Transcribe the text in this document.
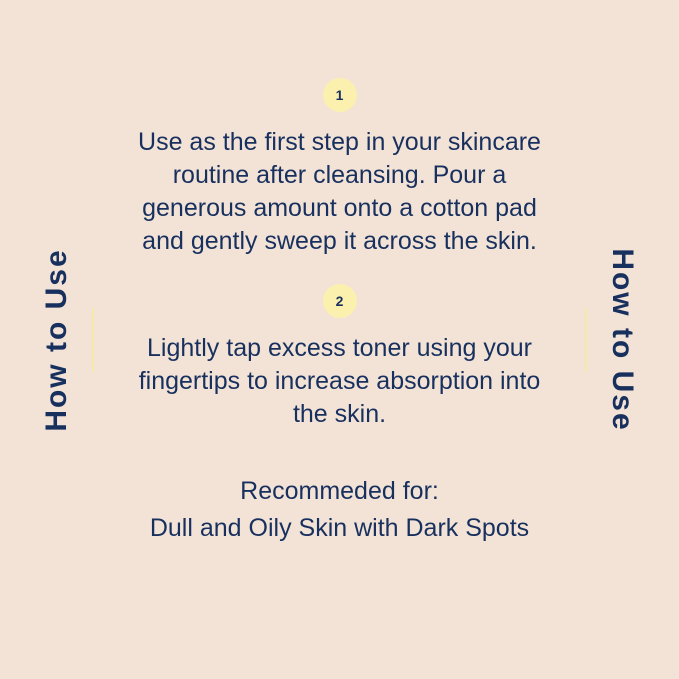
How to Use	How to Use
1
Use as the first step in your skincare routine after cleansing. Pour a generous amount onto a cotton pad and gently sweep it across the skin.
2
Lightly tap excess toner using your fingertips to increase absorption into the skin.
Recommeded for:
Dull and Oily Skin with Dark Spots
